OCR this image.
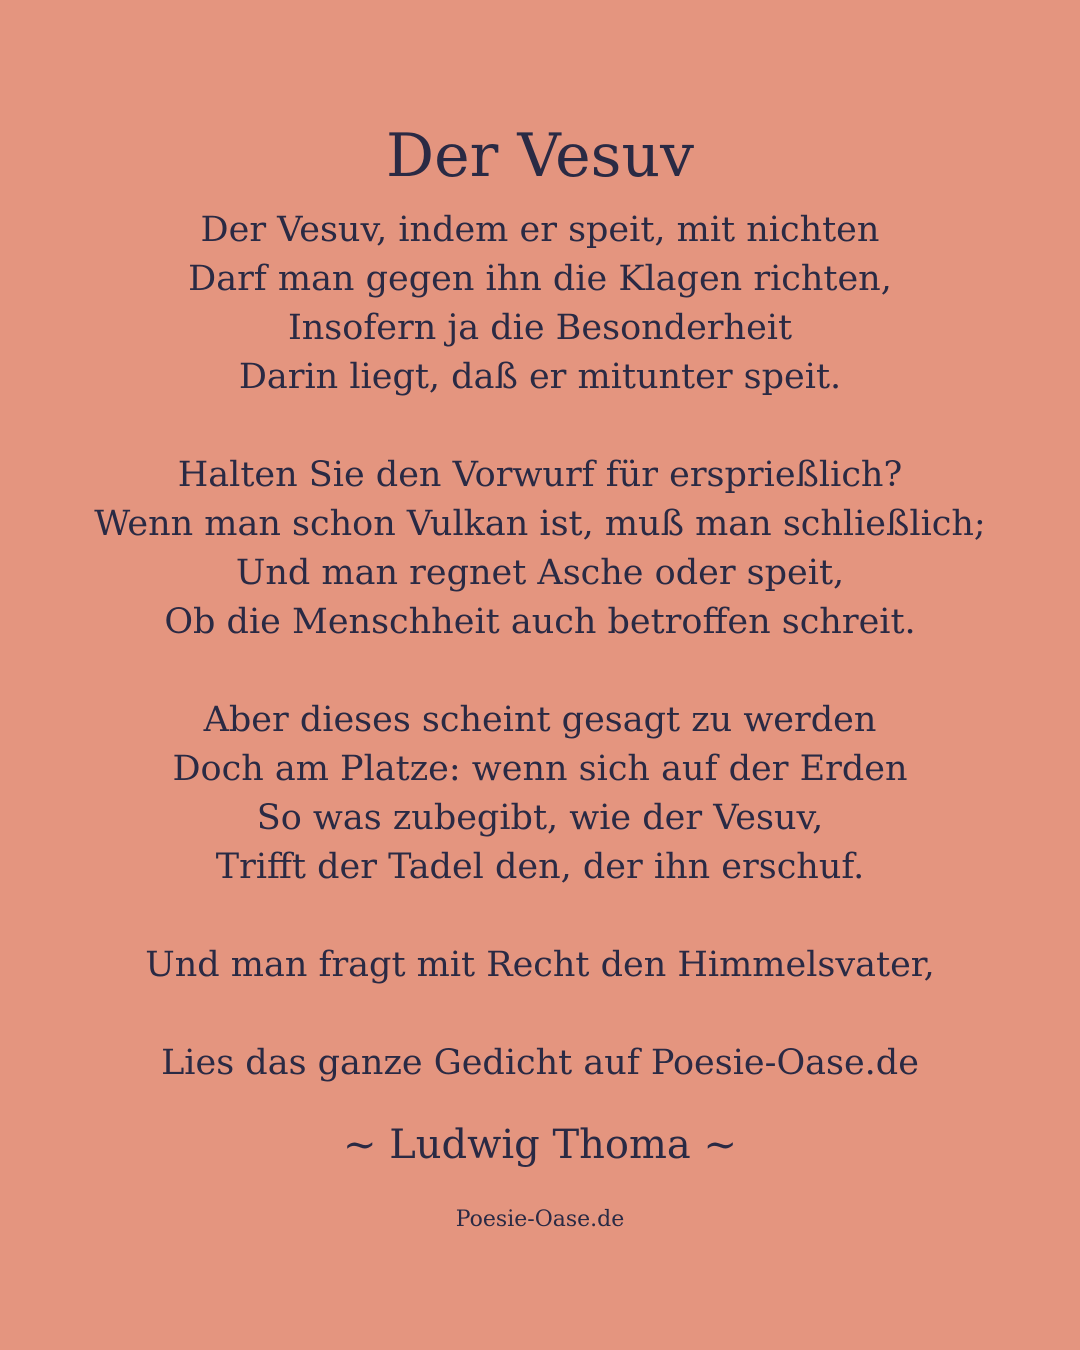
Der Vesuv
Der Vesuv, indem er speit, mit nichten
Darf man gegen ihn die Klagen richten,
Insofern ja die Besonderheit
Darin liegt, daß er mitunter speit.
Halten Sie den Vorwurf für ersprießlich?
Wenn man schon Vulkan ist, muß man schließlich;
Und man regnet Asche oder speit,
Ob die Menschheit auch betroffen schreit.
Aber dieses scheint gesagt zu werden
Doch am Platze: wenn sich auf der Erden
So was zubegibt, wie der Vesuv,
Trifft der Tadel den, der ihn erschuf.
Und man fragt mit Recht den Himmelsvater,
Lies das ganze Gedicht auf Poesie-Oase.de
~ Ludwig Thoma ~
Poesie-Oase.de
